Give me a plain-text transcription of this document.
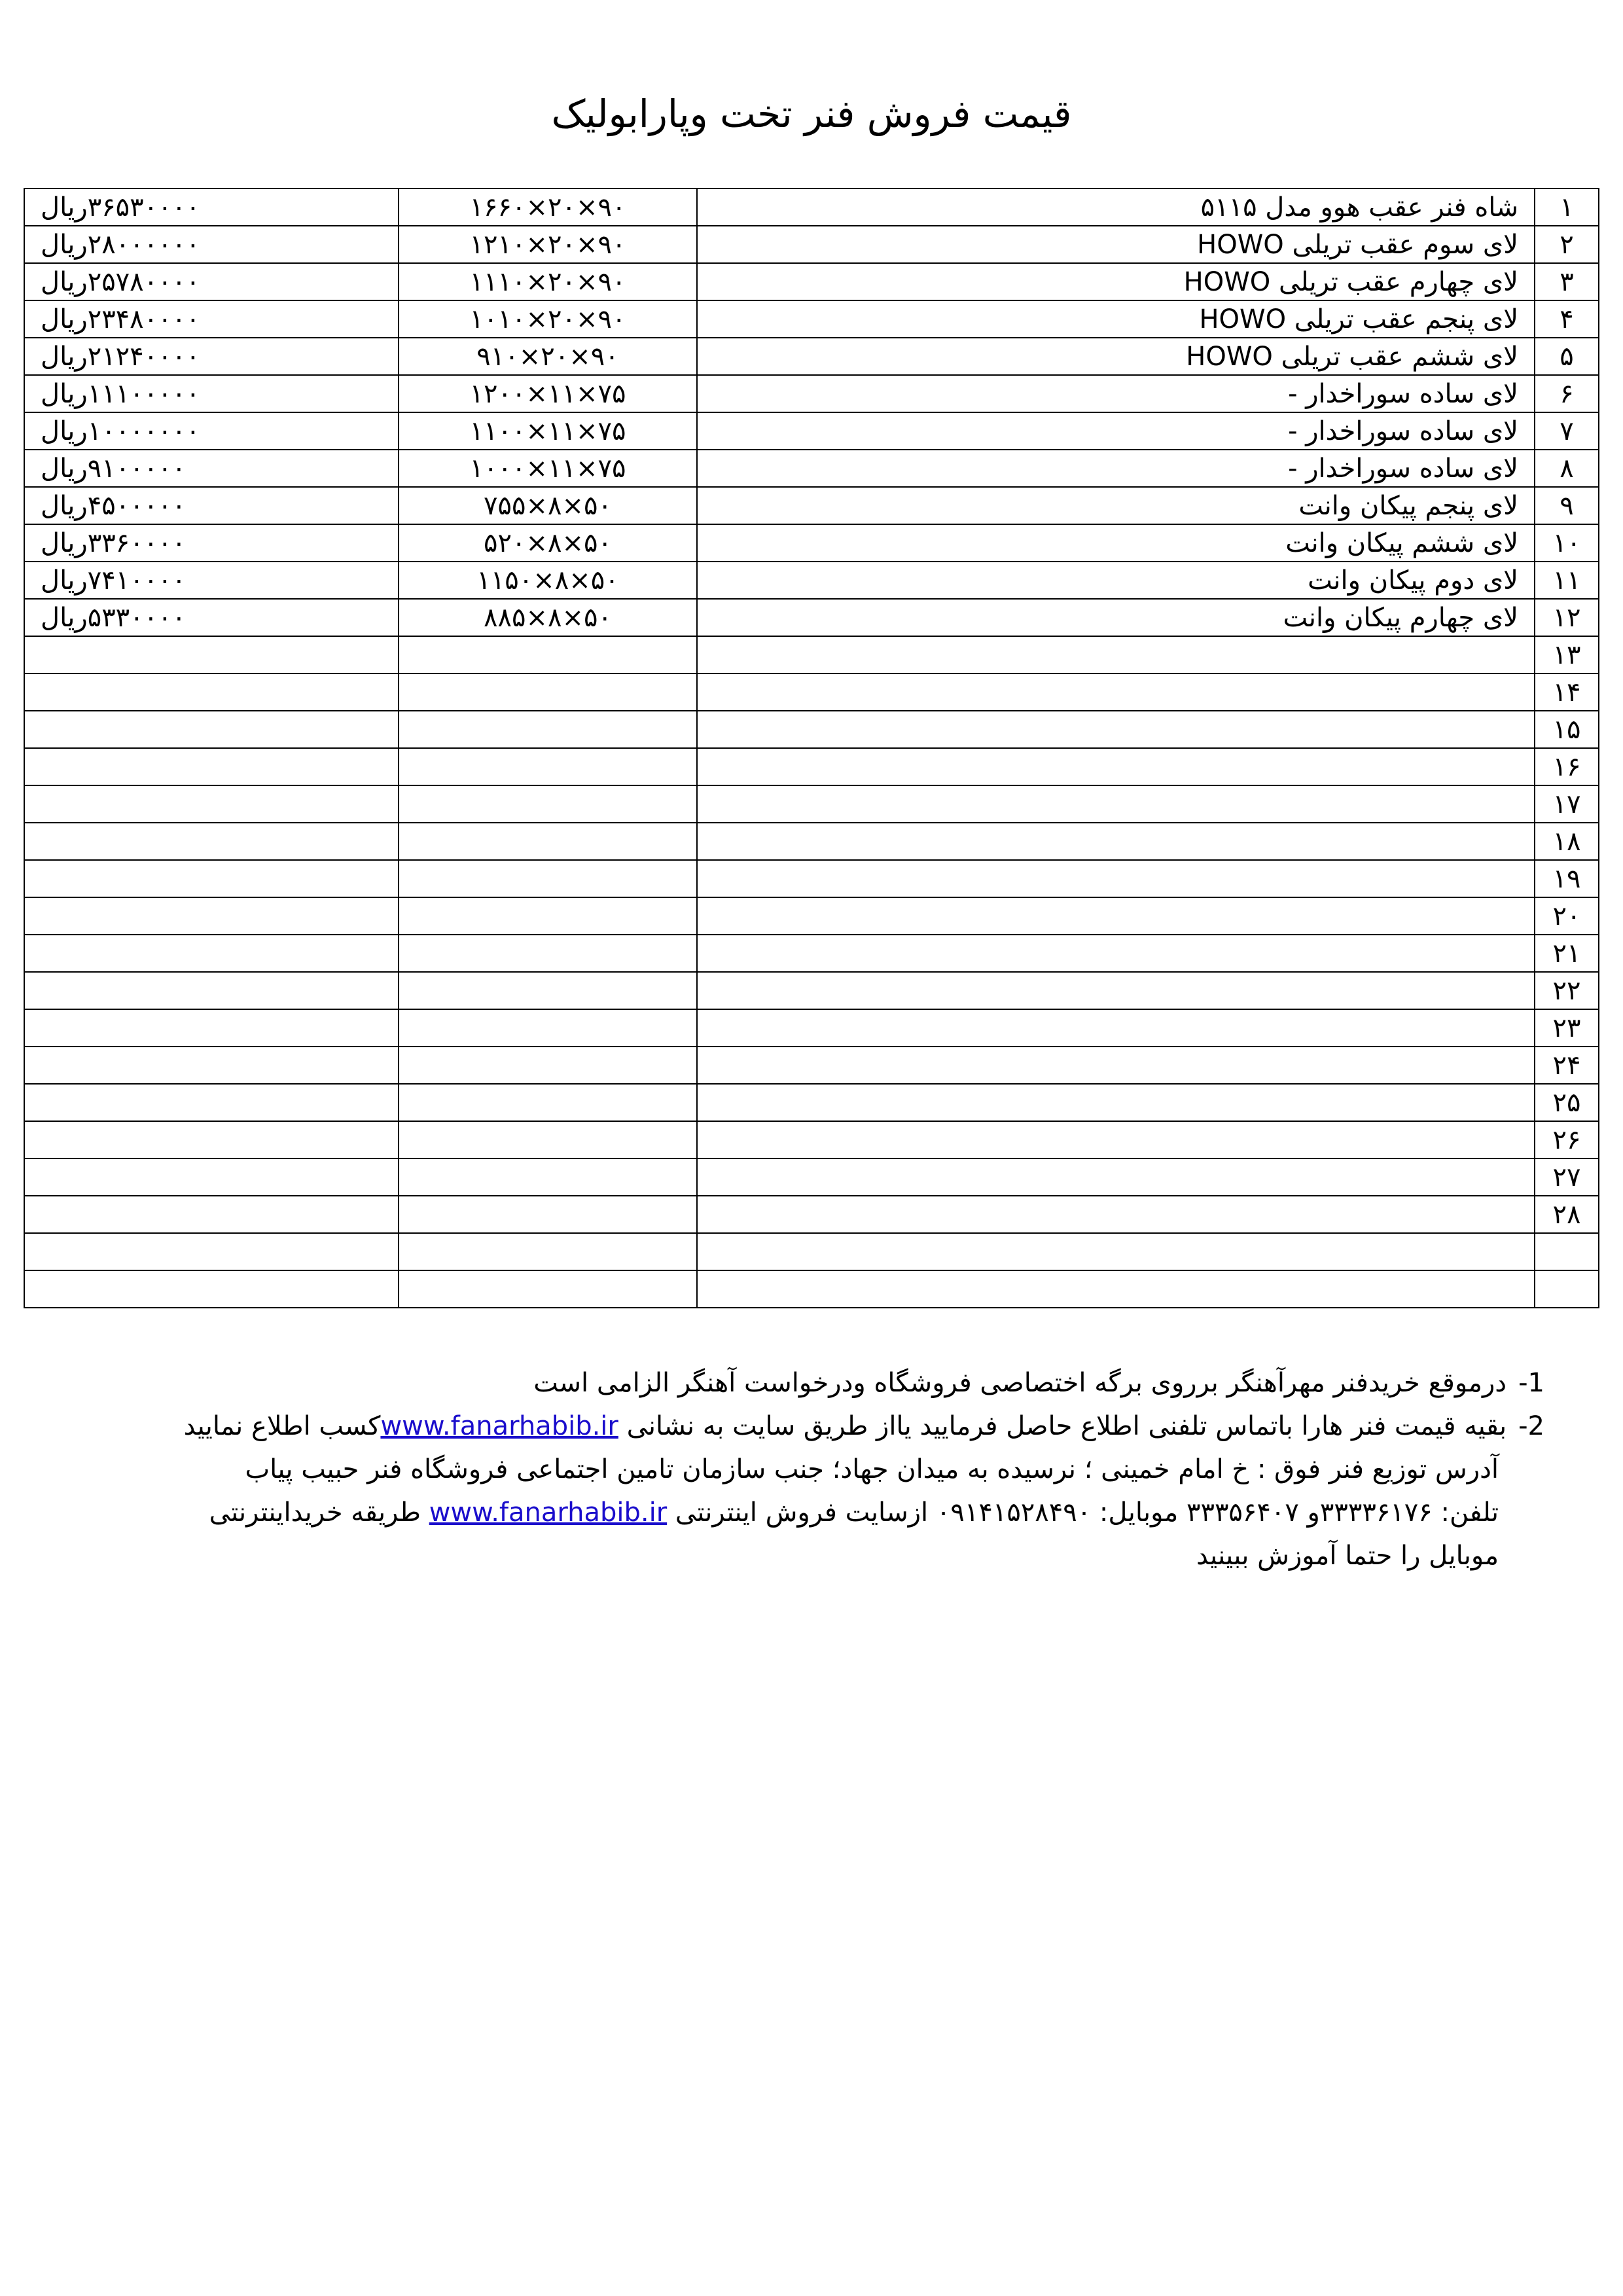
قیمت فروش فنر تخت وپارابولیک
۱	شاه فنر عقب هوو مدل ۵۱۱۵	۹۰×۲۰×۱۶۶۰	۳۶۵۳۰۰۰۰ریال
۲	لای سوم عقب تریلی HOWO	۹۰×۲۰×۱۲۱۰	۲۸۰۰۰۰۰۰ریال
۳	لای چهارم عقب تریلی HOWO	۹۰×۲۰×۱۱۱۰	۲۵۷۸۰۰۰۰ریال
۴	لای پنجم عقب تریلی HOWO	۹۰×۲۰×۱۰۱۰	۲۳۴۸۰۰۰۰ریال
۵	لای ششم عقب تریلی HOWO	۹۰×۲۰×۹۱۰	۲۱۲۴۰۰۰۰ریال
۶	لای ساده سوراخدار -	۷۵×۱۱×۱۲۰۰	۱۱۱۰۰۰۰۰ریال
۷	لای ساده سوراخدار -	۷۵×۱۱×۱۱۰۰	۱۰۰۰۰۰۰۰ریال
۸	لای ساده سوراخدار -	۷۵×۱۱×۱۰۰۰	۹۱۰۰۰۰۰ریال
۹	لای پنجم پیکان وانت	۵۰×۸×۷۵۵	۴۵۰۰۰۰۰ریال
۱۰	لای ششم پیکان وانت	۵۰×۸×۵۲۰	۳۳۶۰۰۰۰ریال
۱۱	لای دوم پیکان وانت	۵۰×۸×۱۱۵۰	۷۴۱۰۰۰۰ریال
۱۲	لای چهارم پیکان وانت	۵۰×۸×۸۸۵	۵۳۳۰۰۰۰ریال
۱۳			
۱۴			
۱۵			
۱۶			
۱۷			
۱۸			
۱۹			
۲۰			
۲۱			
۲۲			
۲۳			
۲۴			
۲۵			
۲۶			
۲۷			
۲۸			

1-درموقع خریدفنر مهرآهنگر برروی برگه اختصاصی فروشگاه ودرخواست آهنگر الزامی است

2-بقیه قیمت فنر هارا باتماس تلفنی اطلاع حاصل فرمایید یااز طریق سایت به نشانی www.fanarhabib.irکسب اطلاع نمایید

آدرس توزیع فنر فوق : خ امام خمینی ؛ نرسیده به میدان جهاد؛ جنب سازمان تامین اجتماعی فروشگاه فنر حبیب پیاب

تلفن: ۳۳۳۳۶۱۷۶و ۳۳۳۵۶۴۰۷ موبایل: ۰۹۱۴۱۵۲۸۴۹۰ ازسایت فروش اینترنتی www.fanarhabib.ir طریقه خریداینترنتی

موبایل را حتما آموزش ببینید
